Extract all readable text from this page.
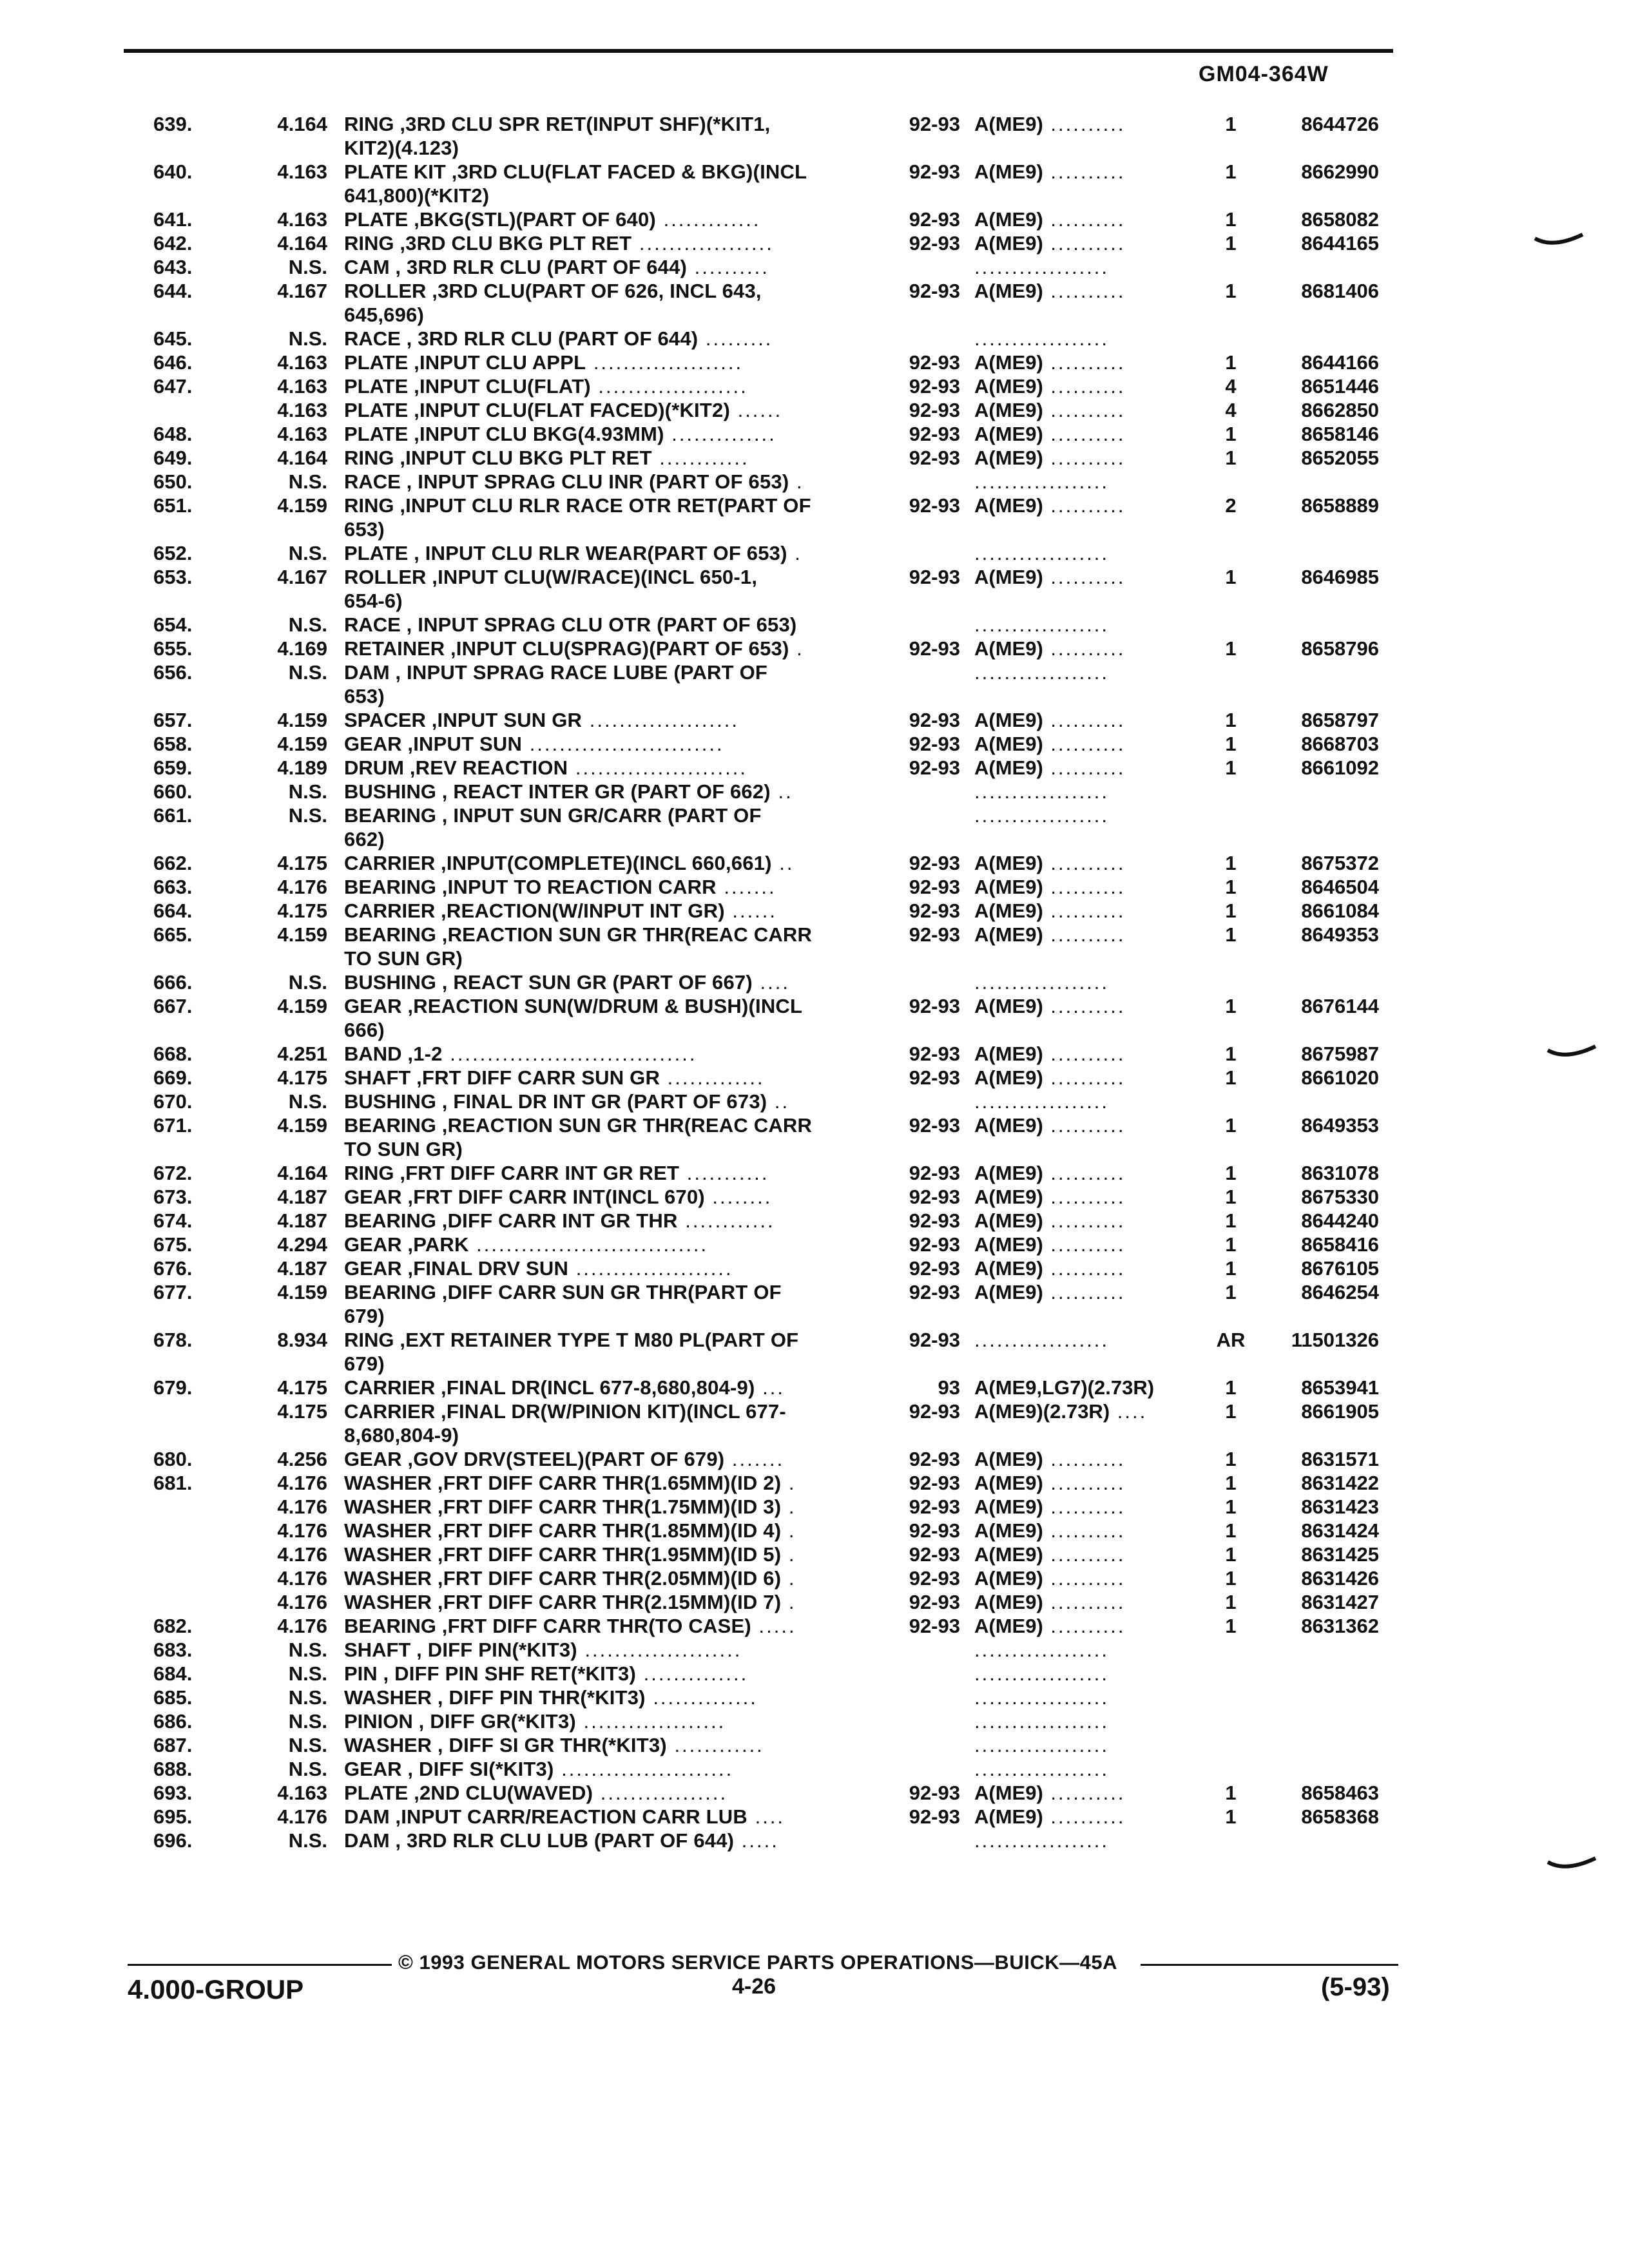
GM04-364W
639.	4.164 RING ,3RD CLU SPR RET(INPUT SHF)(*KIT1,	92-93 A(ME9) ..........	1	8644726
KIT2)(4.123)
640.	4.163 PLATE KIT ,3RD CLU(FLAT FACED & BKG)(INCL	92-93 A(ME9) ..........	1	8662990
641,800)(*KIT2)
641.	4.163 PLATE ,BKG(STL)(PART OF 640) .............	92-93 A(ME9) ..........	1	8658082
642.	4.164 RING ,3RD CLU BKG PLT RET ..................	92-93 A(ME9) ..........	1	8644165
643.	N.S. CAM , 3RD RLR CLU (PART OF 644) ..........	..................
644.	4.167 ROLLER ,3RD CLU(PART OF 626, INCL 643,	92-93 A(ME9) ..........	1	8681406
645,696)
645.	N.S. RACE , 3RD RLR CLU (PART OF 644) .........	..................
646.	4.163 PLATE ,INPUT CLU APPL ....................	92-93 A(ME9) ..........	1	8644166
647.	4.163 PLATE ,INPUT CLU(FLAT) ....................	92-93 A(ME9) ..........	4	8651446
4.163 PLATE ,INPUT CLU(FLAT FACED)(*KIT2) ......	92-93 A(ME9) ..........	4	8662850
648.	4.163 PLATE ,INPUT CLU BKG(4.93MM) ..............	92-93 A(ME9) ..........	1	8658146
649.	4.164 RING ,INPUT CLU BKG PLT RET ............	92-93 A(ME9) ..........	1	8652055
650.	N.S. RACE , INPUT SPRAG CLU INR (PART OF 653) .	..................
651.	4.159 RING ,INPUT CLU RLR RACE OTR RET(PART OF	92-93 A(ME9) ..........	2	8658889
653)
652.	N.S. PLATE , INPUT CLU RLR WEAR(PART OF 653) .	..................
653.	4.167 ROLLER ,INPUT CLU(W/RACE)(INCL 650-1,	92-93 A(ME9) ..........	1	8646985
654-6)
654.	N.S. RACE , INPUT SPRAG CLU OTR (PART OF 653)	..................
655.	4.169 RETAINER ,INPUT CLU(SPRAG)(PART OF 653) .	92-93 A(ME9) ..........	1	8658796
656.	N.S. DAM , INPUT SPRAG RACE LUBE (PART OF	..................
653)
657.	4.159 SPACER ,INPUT SUN GR ....................	92-93 A(ME9) ..........	1	8658797
658.	4.159 GEAR ,INPUT SUN ..........................	92-93 A(ME9) ..........	1	8668703
659.	4.189 DRUM ,REV REACTION .......................	92-93 A(ME9) ..........	1	8661092
660.	N.S. BUSHING , REACT INTER GR (PART OF 662) ..	..................
661.	N.S. BEARING , INPUT SUN GR/CARR (PART OF	..................
662)
662.	4.175 CARRIER ,INPUT(COMPLETE)(INCL 660,661) ..	92-93 A(ME9) ..........	1	8675372
663.	4.176 BEARING ,INPUT TO REACTION CARR .......	92-93 A(ME9) ..........	1	8646504
664.	4.175 CARRIER ,REACTION(W/INPUT INT GR) ......	92-93 A(ME9) ..........	1	8661084
665.	4.159 BEARING ,REACTION SUN GR THR(REAC CARR	92-93 A(ME9) ..........	1	8649353
TO SUN GR)
666.	N.S. BUSHING , REACT SUN GR (PART OF 667) ....	..................
667.	4.159 GEAR ,REACTION SUN(W/DRUM & BUSH)(INCL	92-93 A(ME9) ..........	1	8676144
666)
668.	4.251 BAND ,1-2 .................................	92-93 A(ME9) ..........	1	8675987
669.	4.175 SHAFT ,FRT DIFF CARR SUN GR .............	92-93 A(ME9) ..........	1	8661020
670.	N.S. BUSHING , FINAL DR INT GR (PART OF 673) ..	..................
671.	4.159 BEARING ,REACTION SUN GR THR(REAC CARR	92-93 A(ME9) ..........	1	8649353
TO SUN GR)
672.	4.164 RING ,FRT DIFF CARR INT GR RET ...........	92-93 A(ME9) ..........	1	8631078
673.	4.187 GEAR ,FRT DIFF CARR INT(INCL 670) ........	92-93 A(ME9) ..........	1	8675330
674.	4.187 BEARING ,DIFF CARR INT GR THR ............	92-93 A(ME9) ..........	1	8644240
675.	4.294 GEAR ,PARK ...............................	92-93 A(ME9) ..........	1	8658416
676.	4.187 GEAR ,FINAL DRV SUN .....................	92-93 A(ME9) ..........	1	8676105
677.	4.159 BEARING ,DIFF CARR SUN GR THR(PART OF	92-93 A(ME9) ..........	1	8646254
679)
678.	8.934 RING ,EXT RETAINER TYPE T M80 PL(PART OF	92-93 ..................	AR	11501326
679)
679.	4.175 CARRIER ,FINAL DR(INCL 677-8,680,804-9) ...	93 A(ME9,LG7)(2.73R)	1	8653941
4.175 CARRIER ,FINAL DR(W/PINION KIT)(INCL 677-	92-93 A(ME9)(2.73R) ....	1	8661905
8,680,804-9)
680.	4.256 GEAR ,GOV DRV(STEEL)(PART OF 679) .......	92-93 A(ME9) ..........	1	8631571
681.	4.176 WASHER ,FRT DIFF CARR THR(1.65MM)(ID 2) .	92-93 A(ME9) ..........	1	8631422
4.176 WASHER ,FRT DIFF CARR THR(1.75MM)(ID 3) .	92-93 A(ME9) ..........	1	8631423
4.176 WASHER ,FRT DIFF CARR THR(1.85MM)(ID 4) .	92-93 A(ME9) ..........	1	8631424
4.176 WASHER ,FRT DIFF CARR THR(1.95MM)(ID 5) .	92-93 A(ME9) ..........	1	8631425
4.176 WASHER ,FRT DIFF CARR THR(2.05MM)(ID 6) .	92-93 A(ME9) ..........	1	8631426
4.176 WASHER ,FRT DIFF CARR THR(2.15MM)(ID 7) .	92-93 A(ME9) ..........	1	8631427
682.	4.176 BEARING ,FRT DIFF CARR THR(TO CASE) .....	92-93 A(ME9) ..........	1	8631362
683.	N.S. SHAFT , DIFF PIN(*KIT3) .....................	..................
684.	N.S. PIN , DIFF PIN SHF RET(*KIT3) ..............	..................
685.	N.S. WASHER , DIFF PIN THR(*KIT3) ..............	..................
686.	N.S. PINION , DIFF GR(*KIT3) ...................	..................
687.	N.S. WASHER , DIFF SI GR THR(*KIT3) ............	..................
688.	N.S. GEAR , DIFF SI(*KIT3) .......................	..................
693.	4.163 PLATE ,2ND CLU(WAVED) .................	92-93 A(ME9) ..........	1	8658463
695.	4.176 DAM ,INPUT CARR/REACTION CARR LUB ....	92-93 A(ME9) ..........	1	8658368
696.	N.S. DAM , 3RD RLR CLU LUB (PART OF 644) .....	..................
© 1993 GENERAL MOTORS SERVICE PARTS OPERATIONS—BUICK—45A
4.000-GROUP	4-26	(5-93)
